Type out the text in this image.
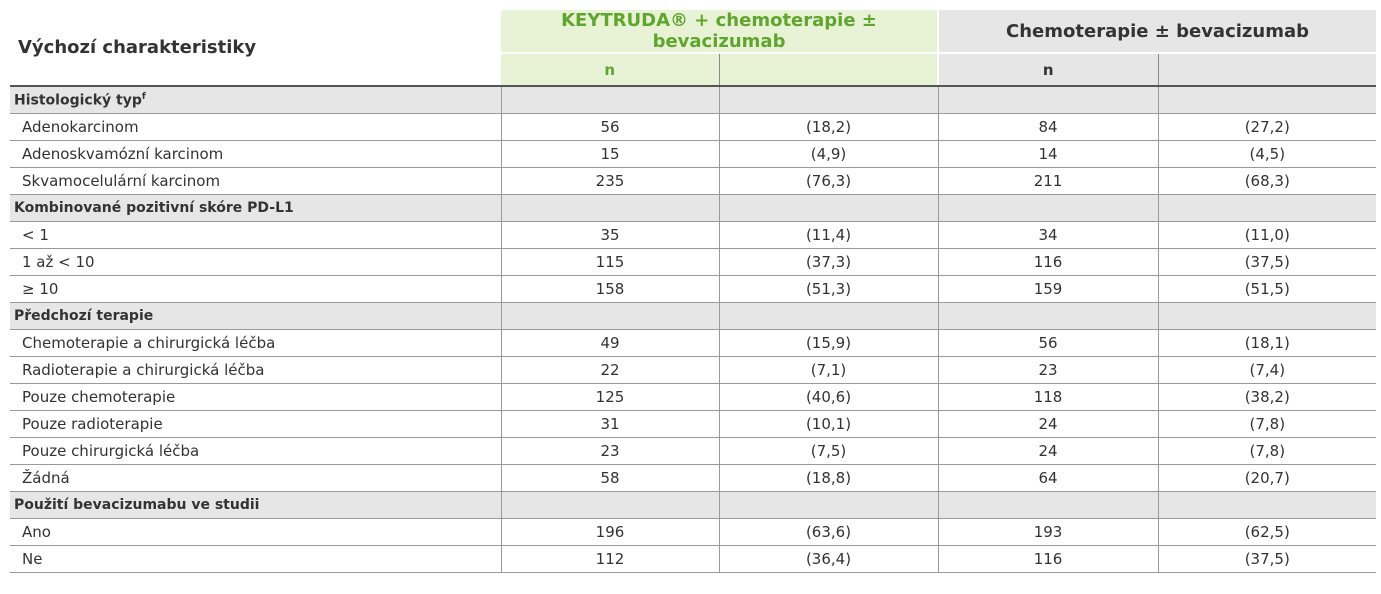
Výchozí charakteristiky	KEYTRUDA® + chemoterapie ± bevacizumab		Chemoterapie ± bevacizumab	
	n		n	
Histologický typ$^f$				
Adenokarcinom	56	(18,2)	84	(27,2)
Adenoskvamózní karcinom	15	(4,9)	14	(4,5)
Skvamocelulární karcinom	235	(76,3)	211	(68,3)
Kombinované pozitivní skóre PD-L1				
< 1	35	(11,4)	34	(11,0)
1 až < 10	115	(37,3)	116	(37,5)
≥ 10	158	(51,3)	159	(51,5)
Předchozí terapie				
Chemoterapie a chirurgická léčba	49	(15,9)	56	(18,1)
Radioterapie a chirurgická léčba	22	(7,1)	23	(7,4)
Pouze chemoterapie	125	(40,6)	118	(38,2)
Pouze radioterapie	31	(10,1)	24	(7,8)
Pouze chirurgická léčba	23	(7,5)	24	(7,8)
Žádná	58	(18,8)	64	(20,7)
Použití bevacizumabu ve studii				
Ano	196	(63,6)	193	(62,5)
Ne	112	(36,4)	116	(37,5)
